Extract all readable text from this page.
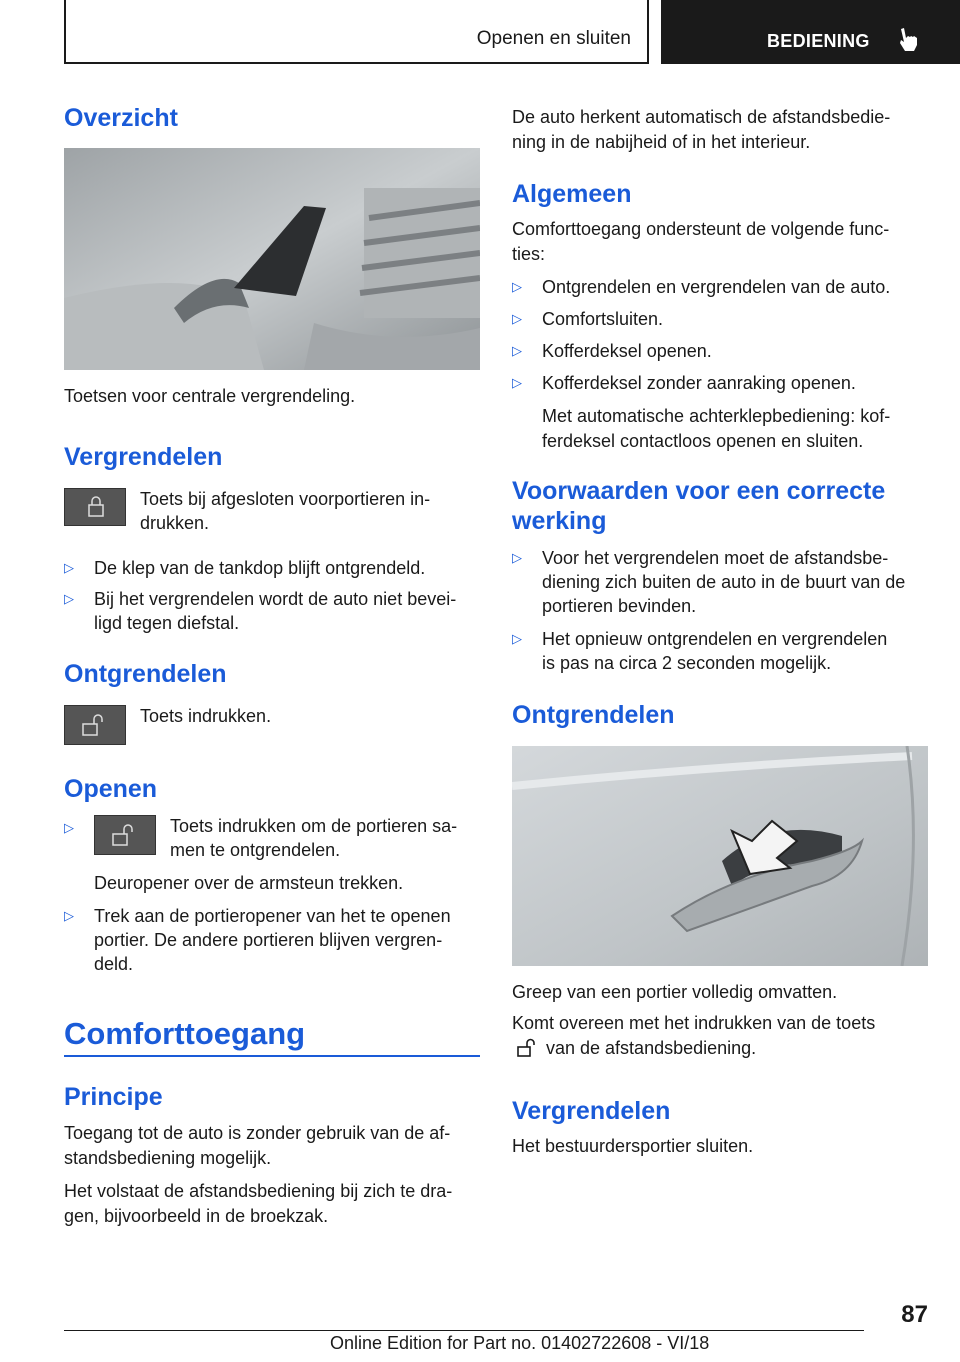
Openen en sluiten	BEDIENING
Overzicht

Toetsen voor centrale vergrendeling.

Vergrendelen

Toets bij afgesloten voorportieren in-

drukken.

▷ De klep van de tankdop blijft ontgrendeld.
▷ Bij het vergrendelen wordt de auto niet bevei-
ligd tegen diefstal.
Ontgrendelen

Toets indrukken.

Openen
▷	Toets indrukken om de portieren sa-

men te ontgrendelen.

Deuropener over de armsteun trekken.

▷ Trek aan de portieropener van het te openen
portier. De andere portieren blijven vergren-
deld.
Comforttoegang
Principe

Toegang tot de auto is zonder gebruik van de af-

standsbediening mogelijk.

Het volstaat de afstandsbediening bij zich te dra-

gen, bijvoorbeeld in de broekzak.

De auto herkent automatisch de afstandsbedie-

ning in de nabijheid of in het interieur.

Algemeen

Comforttoegang ondersteunt de volgende func-

ties:

▷ Ontgrendelen en vergrendelen van de auto.
▷ Comfortsluiten.
▷ Kofferdeksel openen.
▷ Kofferdeksel zonder aanraking openen.

Met automatische achterklepbediening: kof-

ferdeksel contactloos openen en sluiten.

Voorwaarden voor een correcte
werking
▷ Voor het vergrendelen moet de afstandsbe-
diening zich buiten de auto in de buurt van de
portieren bevinden.
▷ Het opnieuw ontgrendelen en vergrendelen
is pas na circa 2 seconden mogelijk.
Ontgrendelen

Greep van een portier volledig omvatten.

Komt overeen met het indrukken van de toets

van de afstandsbediening.

Vergrendelen

Het bestuurdersportier sluiten.

87
Online Edition for Part no. 01402722608 - VI/18
